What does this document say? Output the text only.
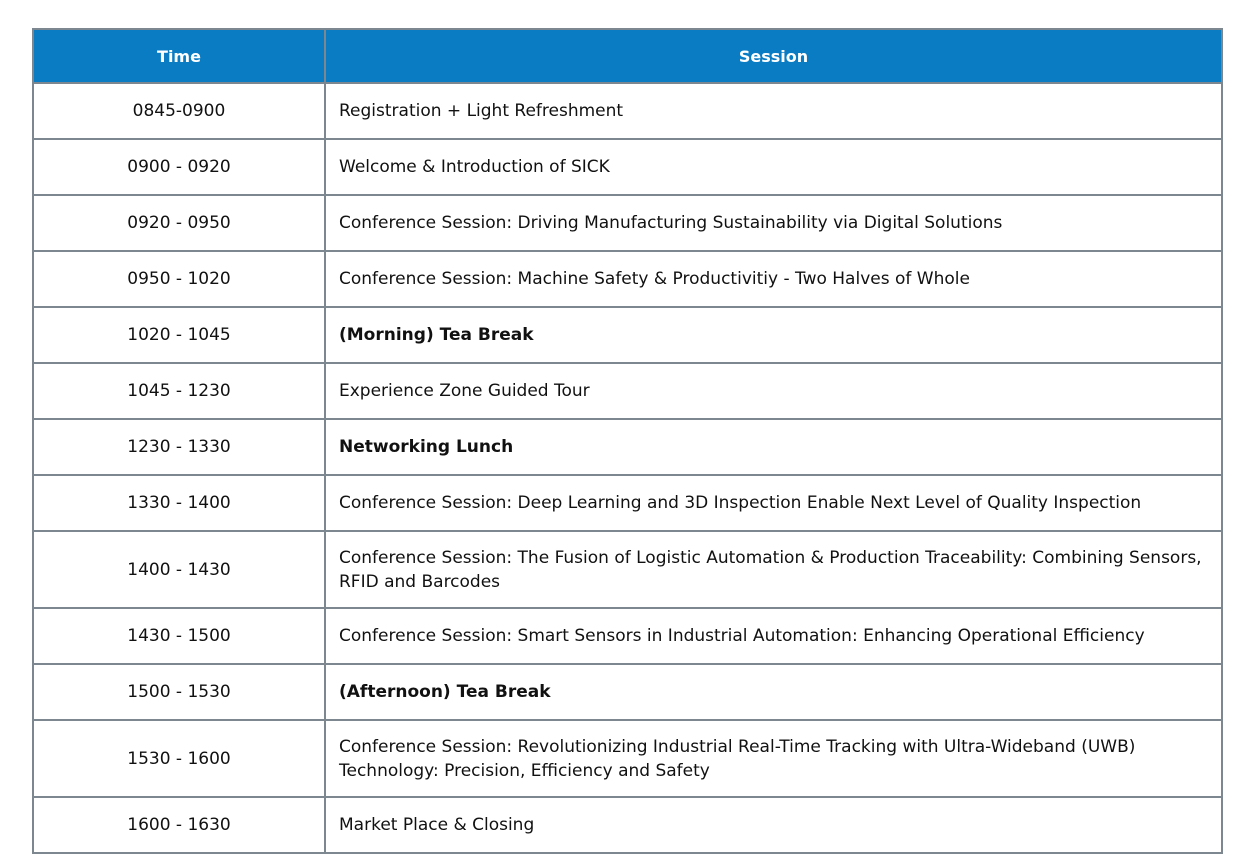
Time	Session
0845-0900	Registration + Light Refreshment
0900 - 0920	Welcome & Introduction of SICK
0920 - 0950	Conference Session: Driving Manufacturing Sustainability via Digital Solutions
0950 - 1020	Conference Session: Machine Safety & Productivitiy - Two Halves of Whole
1020 - 1045	(Morning) Tea Break
1045 - 1230	Experience Zone Guided Tour
1230 - 1330	Networking Lunch
1330 - 1400	Conference Session: Deep Learning and 3D Inspection Enable Next Level of Quality Inspection
1400 - 1430	Conference Session: The Fusion of Logistic Automation & Production Traceability: Combining Sensors, RFID and Barcodes
1430 - 1500	Conference Session: Smart Sensors in Industrial Automation: Enhancing Operational Efficiency
1500 - 1530	(Afternoon) Tea Break
1530 - 1600	Conference Session: Revolutionizing Industrial Real-Time Tracking with Ultra-Wideband (UWB) Technology: Precision, Efficiency and Safety
1600 - 1630	Market Place & Closing
